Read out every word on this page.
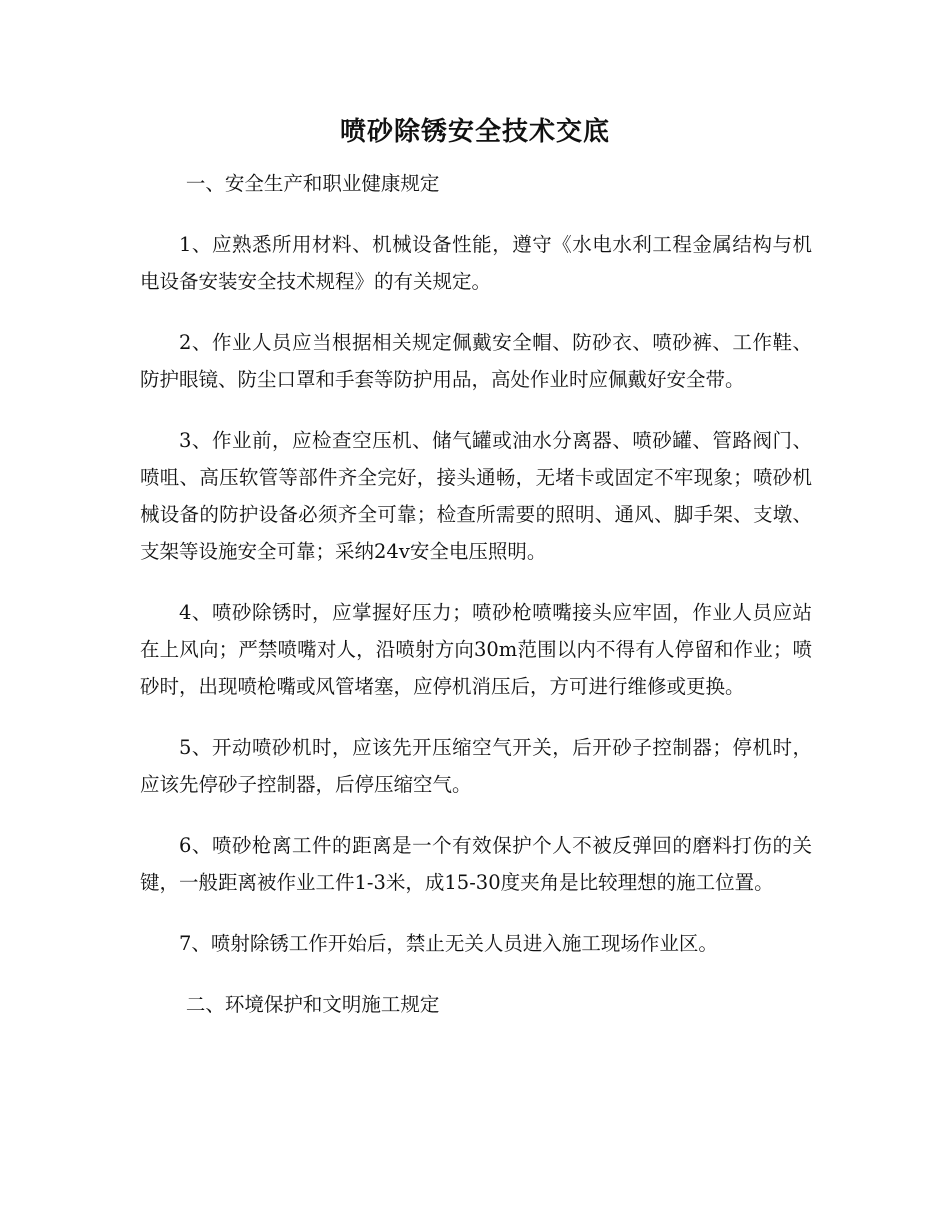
喷砂除锈安全技术交底

一、安全生产和职业健康规定

1、应熟悉所用材料、机械设备性能，遵守《水电水利工程金属结构与机电设备安装安全技术规程》的有关规定。

2、作业人员应当根据相关规定佩戴安全帽、防砂衣、喷砂裤、工作鞋、防护眼镜、防尘口罩和手套等防护用品，高处作业时应佩戴好安全带。

3、作业前，应检查空压机、储气罐或油水分离器、喷砂罐、管路阀门、喷咀、高压软管等部件齐全完好，接头通畅，无堵卡或固定不牢现象；喷砂机械设备的防护设备必须齐全可靠；检查所需要的照明、通风、脚手架、支墩、支架等设施安全可靠；采纳24v安全电压照明。

4、喷砂除锈时，应掌握好压力；喷砂枪喷嘴接头应牢固，作业人员应站在上风向；严禁喷嘴对人，沿喷射方向30m范围以内不得有人停留和作业；喷砂时，出现喷枪嘴或风管堵塞，应停机消压后，方可进行维修或更换。

5、开动喷砂机时，应该先开压缩空气开关，后开砂子控制器；停机时，应该先停砂子控制器，后停压缩空气。

6、喷砂枪离工件的距离是一个有效保护个人不被反弹回的磨料打伤的关键，一般距离被作业工件1-3米，成15-30度夹角是比较理想的施工位置。

7、喷射除锈工作开始后，禁止无关人员进入施工现场作业区。

二、环境保护和文明施工规定
